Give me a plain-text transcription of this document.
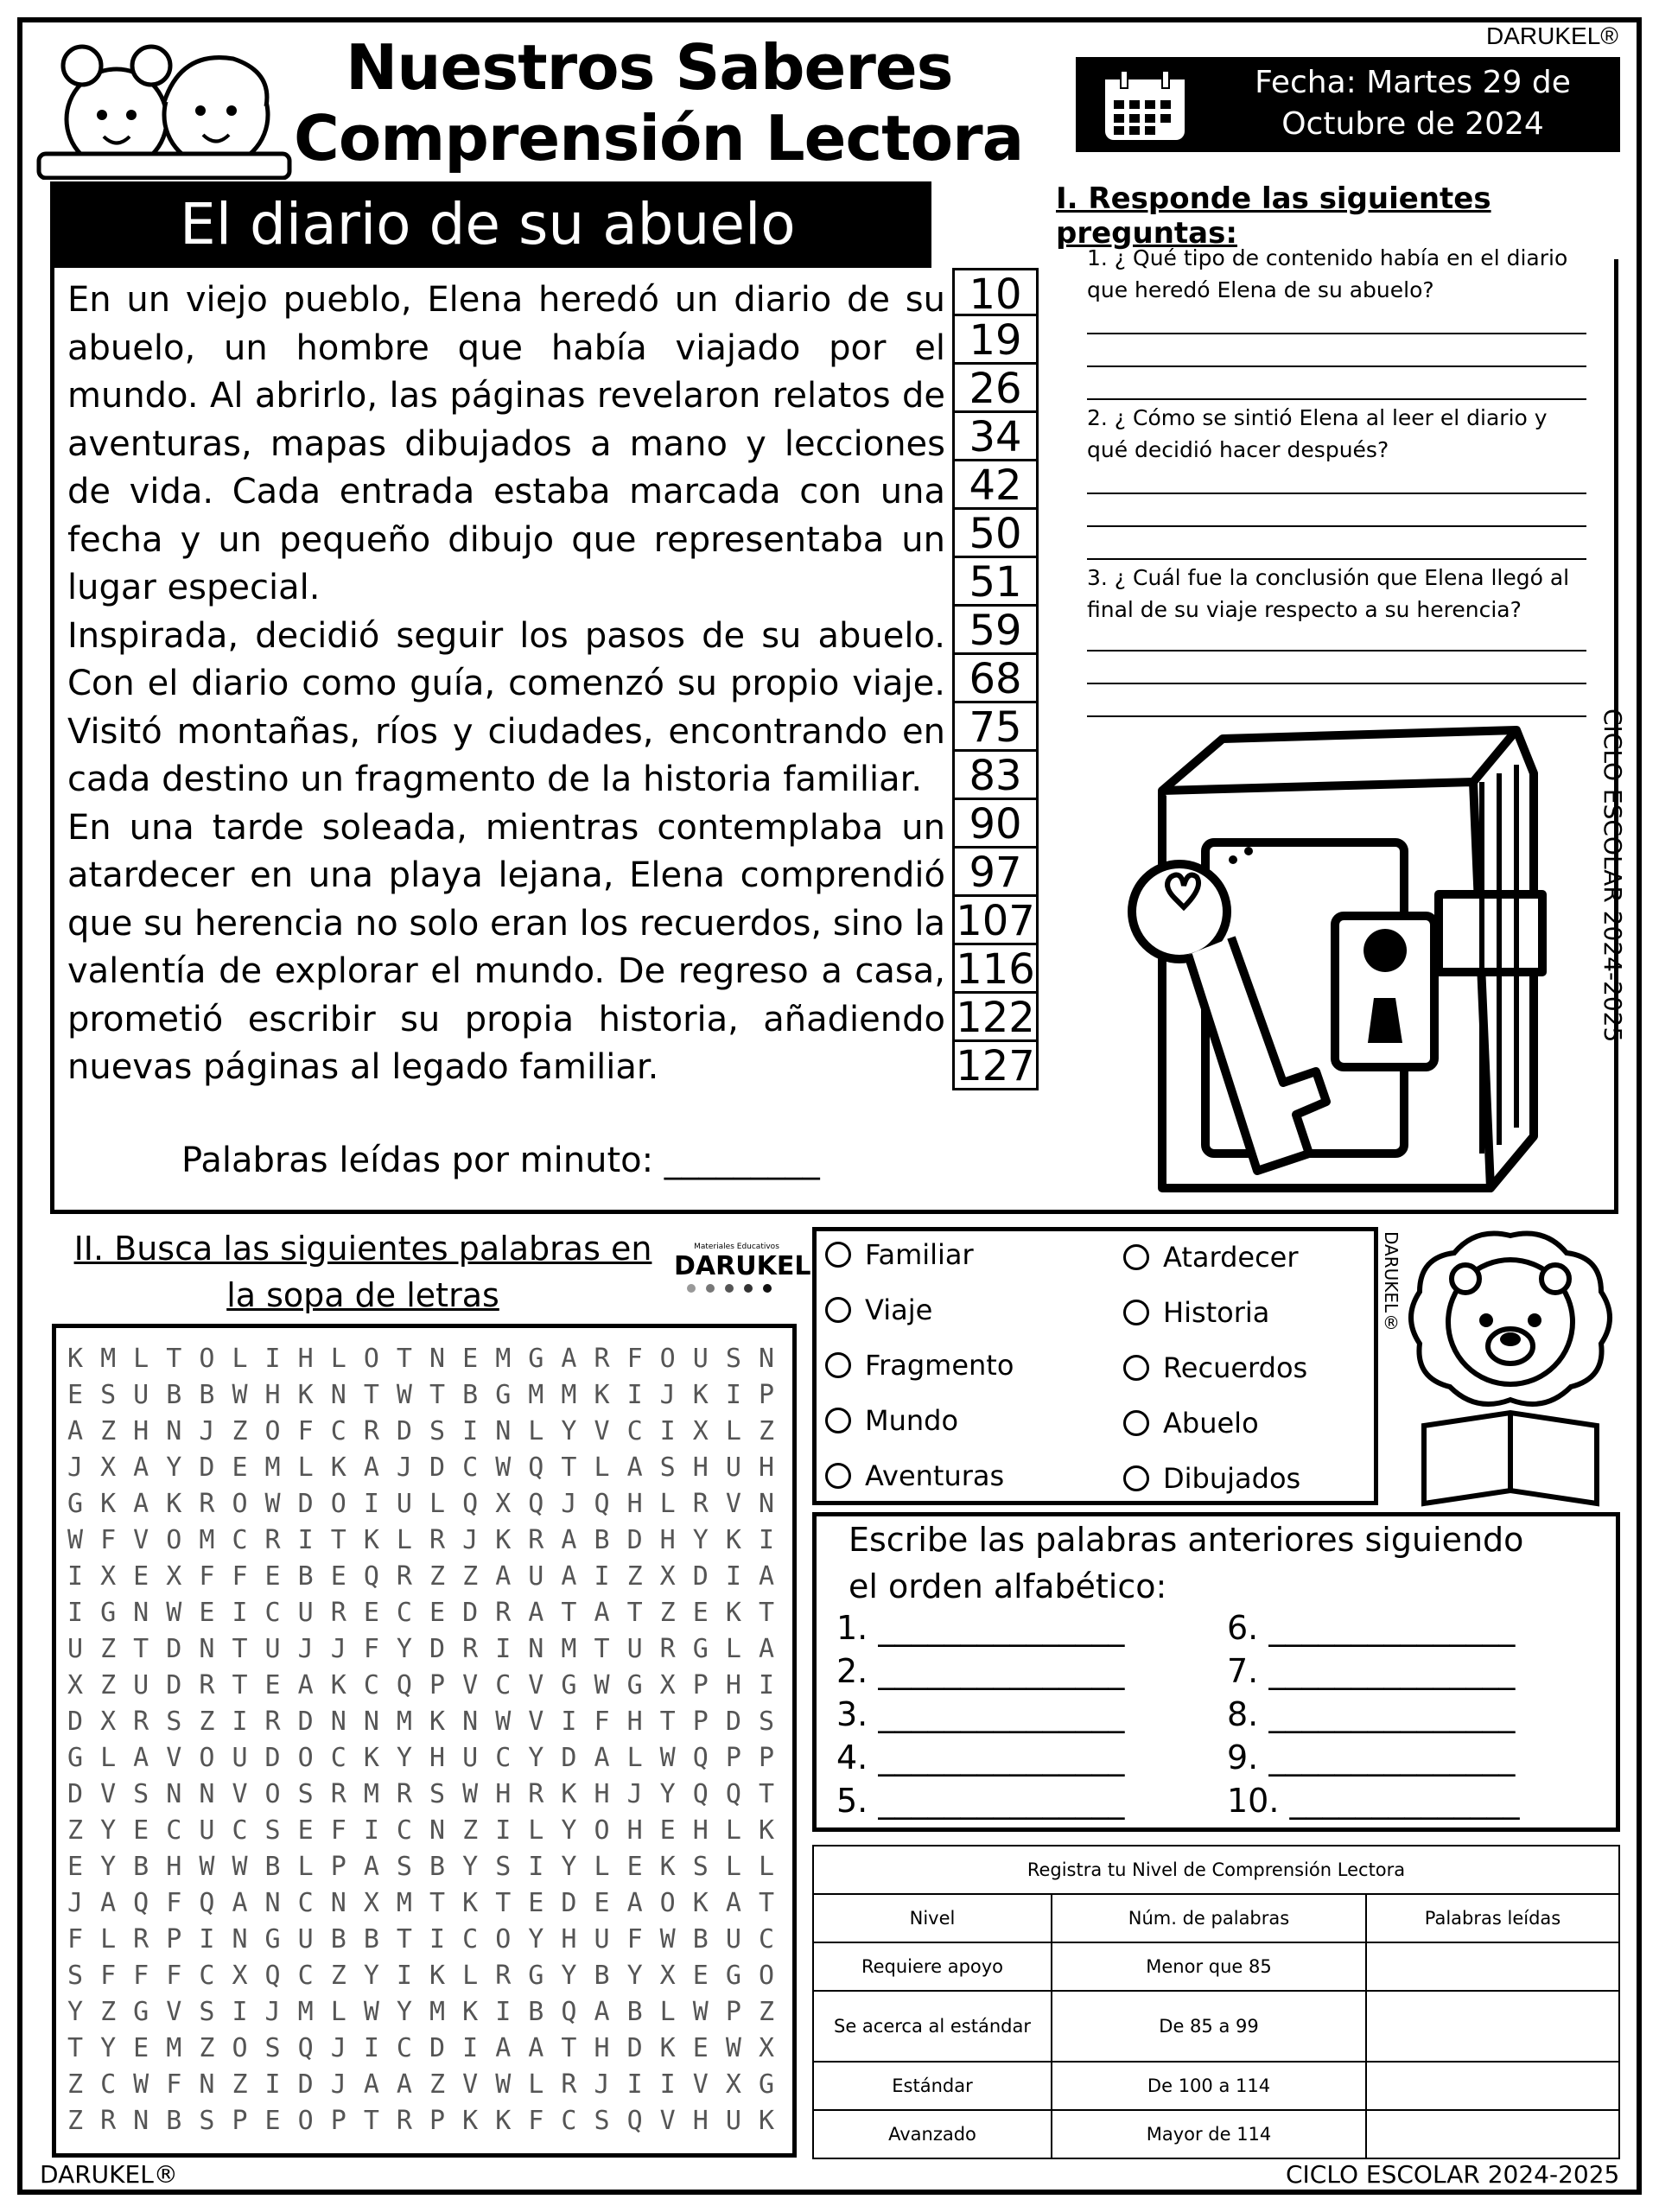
DARUKEL®
Nuestros Saberes
Comprensión Lectora
Fecha: Martes 29 de
Octubre de 2024
El diario de su abuelo

En un viejo pueblo, Elena heredó un diario de su abuelo, un hombre que había viajado por el mundo. Al abrirlo, las páginas revelaron relatos de aventuras, mapas dibujados a mano y lecciones de vida. Cada entrada estaba marcada con una fecha y un pequeño dibujo que representaba un lugar especial.

Inspirada, decidió seguir los pasos de su abuelo. Con el diario como guía, comenzó su propio viaje. Visitó montañas, ríos y ciudades, encontrando en cada destino un fragmento de la historia familiar.

En una tarde soleada, mientras contemplaba un atardecer en una playa lejana, Elena comprendió que su herencia no solo eran los recuerdos, sino la valentía de explorar el mundo. De regreso a casa, prometió escribir su propia historia, añadiendo nuevas páginas al legado familiar.

10
19
26
34
42
50
51
59
68
75
83
90
97
107
116
122
127
Palabras leídas por minuto: _________
I. Responde las siguientes preguntas:
1. ¿ Qué tipo de contenido había en el diario que heredó Elena de su abuelo?
2. ¿ Cómo se sintió Elena al leer el diario y qué decidió hacer después?
3. ¿ Cuál fue la conclusión que Elena llegó al final de su viaje respecto a su herencia?
CICLO ESCOLAR 2024-2025
II. Busca las siguientes palabras en
la sopa de letras
Materiales Educativos
DARUKEL
K M L T O L I H L O T N E M G A R F O U S N
E S U B B W H K N T W T B G M M K I J K I P
A Z H N J Z O F C R D S I N L Y V C I X L Z
J X A Y D E M L K A J D C W Q T L A S H U H
G K A K R O W D O I U L Q X Q J Q H L R V N
W F V O M C R I T K L R J K R A B D H Y K I
I X E X F F E B E Q R Z Z A U A I Z X D I A
I G N W E I C U R E C E D R A T A T Z E K T
U Z T D N T U J J F Y D R I N M T U R G L A
X Z U D R T E A K C Q P V C V G W G X P H I
D X R S Z I R D N N M K N W V I F H T P D S
G L A V O U D O C K Y H U C Y D A L W Q P P
D V S N N V O S R M R S W H R K H J Y Q Q T
Z Y E C U C S E F I C N Z I L Y O H E H L K
E Y B H W W B L P A S B Y S I Y L E K S L L
J A Q F Q A N C N X M T K T E D E A O K A T
F L R P I N G U B B T I C O Y H U F W B U C
S F F F C X Q C Z Y I K L R G Y B Y X E G O
Y Z G V S I J M L W Y M K I B Q A B L W P Z
T Y E M Z O S Q J I C D I A A T H D K E W X
Z C W F N Z I D J A A Z V W L R J I I V X G
Z R N B S P E O P T R P K K F C S Q V H U K
Familiar
Viaje
Fragmento
Mundo
Aventuras
Atardecer
Historia
Recuerdos
Abuelo
Dibujados
DARUKEL®
Escribe las palabras anteriores siguiendo el orden alfabético:
1. _______________
2. _______________
3. _______________
4. _______________
5. _______________
6. _______________
7. _______________
8. _______________
9. _______________
10. ______________
Registra tu Nivel de Comprensión Lectora		
Nivel	Núm. de palabras	Palabras leídas
Requiere apoyo	Menor que 85	
Se acerca al estándar	De 85 a 99	
Estándar	De 100 a 114	
Avanzado	Mayor de 114	
DARUKEL®	CICLO ESCOLAR 2024-2025
